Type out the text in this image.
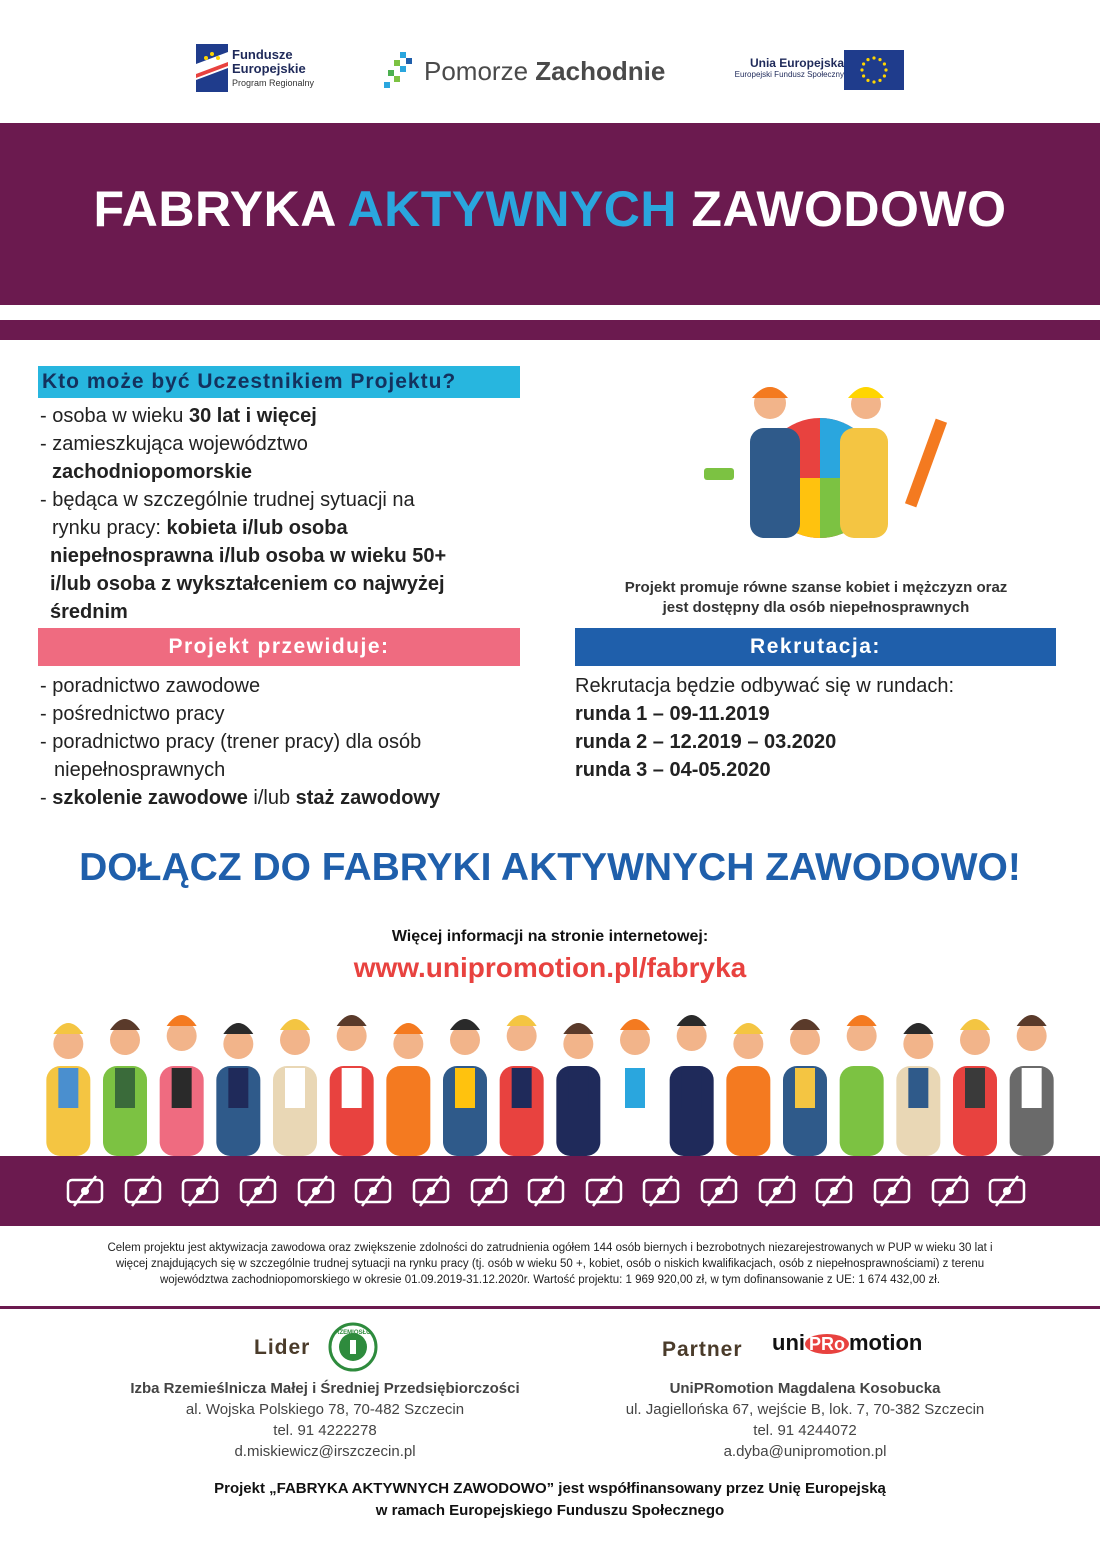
Fundusze
Europejskie
Program Regionalny	Pomorze Zachodnie	Unia Europejska
Europejski Fundusz Społeczny
FABRYKA AKTYWNYCH ZAWODOWO
Kto może być Uczestnikiem Projektu?
- osoba w wieku 30 lat i więcej
- zamieszkująca województwo
zachodniopomorskie
- będąca w szczególnie trudnej sytuacji na
rynku pracy: kobieta i/lub osoba
niepełnosprawna i/lub osoba w wieku 50+
i/lub osoba z wykształceniem co najwyżej
średnim
Projekt przewiduje:
- poradnictwo zawodowe
- pośrednictwo pracy
- poradnictwo pracy (trener pracy) dla osób
niepełnosprawnych
- szkolenie zawodowe i/lub staż zawodowy
Projekt promuje równe szanse kobiet i mężczyzn oraz
jest dostępny dla osób niepełnosprawnych
Rekrutacja:
Rekrutacja będzie odbywać się w rundach:
runda 1 – 09-11.2019
runda 2 – 12.2019 – 03.2020
runda 3 – 04-05.2020
DOŁĄCZ DO FABRYKI AKTYWNYCH ZAWODOWO!
Więcej informacji na stronie internetowej:
www.unipromotion.pl/fabryka
Celem projektu jest aktywizacja zawodowa oraz zwiększenie zdolności do zatrudnienia ogółem 144 osób biernych i bezrobotnych niezarejestrowanych w PUP w wieku 30 lat i
więcej znajdujących się w szczególnie trudnej sytuacji na rynku pracy (tj. osób w wieku 50 +, kobiet, osób o niskich kwalifikacjach, osób z niepełnosprawnościami) z terenu
województwa zachodniopomorskiego w okresie 01.09.2019-31.12.2020r. Wartość projektu: 1 969 920,00 zł, w tym dofinansowanie z UE: 1 674 432,00 zł.
Lider
RZEMIOSŁO
Izba Rzemieślnicza Małej i Średniej Przedsiębiorczości
al. Wojska Polskiego 78, 70-482 Szczecin
tel. 91 4222278
d.miskiewicz@irszczecin.pl
Partner uni PRo motion
UniPRomotion Magdalena Kosobucka
ul. Jagiellońska 67, wejście B, lok. 7, 70-382 Szczecin
tel. 91 4244072
a.dyba@unipromotion.pl
Projekt „FABRYKA AKTYWNYCH ZAWODOWO” jest współfinansowany przez Unię Europejską
w ramach Europejskiego Funduszu Społecznego
